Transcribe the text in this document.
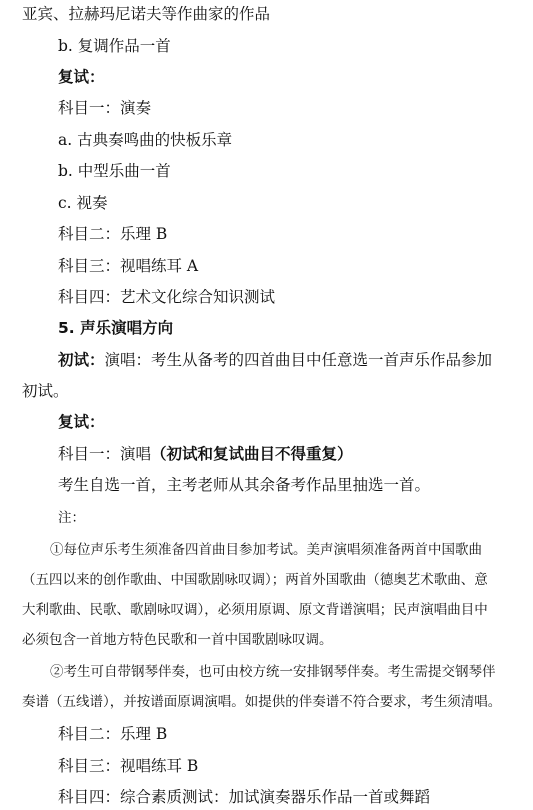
亚宾、拉赫玛尼诺夫等作曲家的作品
b. 复调作品一首
复试：
科目一：演奏
a. 古典奏鸣曲的快板乐章
b. 中型乐曲一首
c. 视奏
科目二：乐理 B
科目三：视唱练耳 A
科目四：艺术文化综合知识测试
5. 声乐演唱方向
初试：演唱：考生从备考的四首曲目中任意选一首声乐作品参加
初试。
复试：
科目一：演唱（初试和复试曲目不得重复）
考生自选一首，主考老师从其余备考作品里抽选一首。
注：
①每位声乐考生须准备四首曲目参加考试。美声演唱须准备两首中国歌曲
（五四以来的创作歌曲、中国歌剧咏叹调）；两首外国歌曲（德奥艺术歌曲、意
大利歌曲、民歌、歌剧咏叹调），必须用原调、原文背谱演唱；民声演唱曲目中
必须包含一首地方特色民歌和一首中国歌剧咏叹调。
②考生可自带钢琴伴奏，也可由校方统一安排钢琴伴奏。考生需提交钢琴伴
奏谱（五线谱），并按谱面原调演唱。如提供的伴奏谱不符合要求，考生须清唱。
科目二：乐理 B
科目三：视唱练耳 B
科目四：综合素质测试：加试演奏器乐作品一首或舞蹈
